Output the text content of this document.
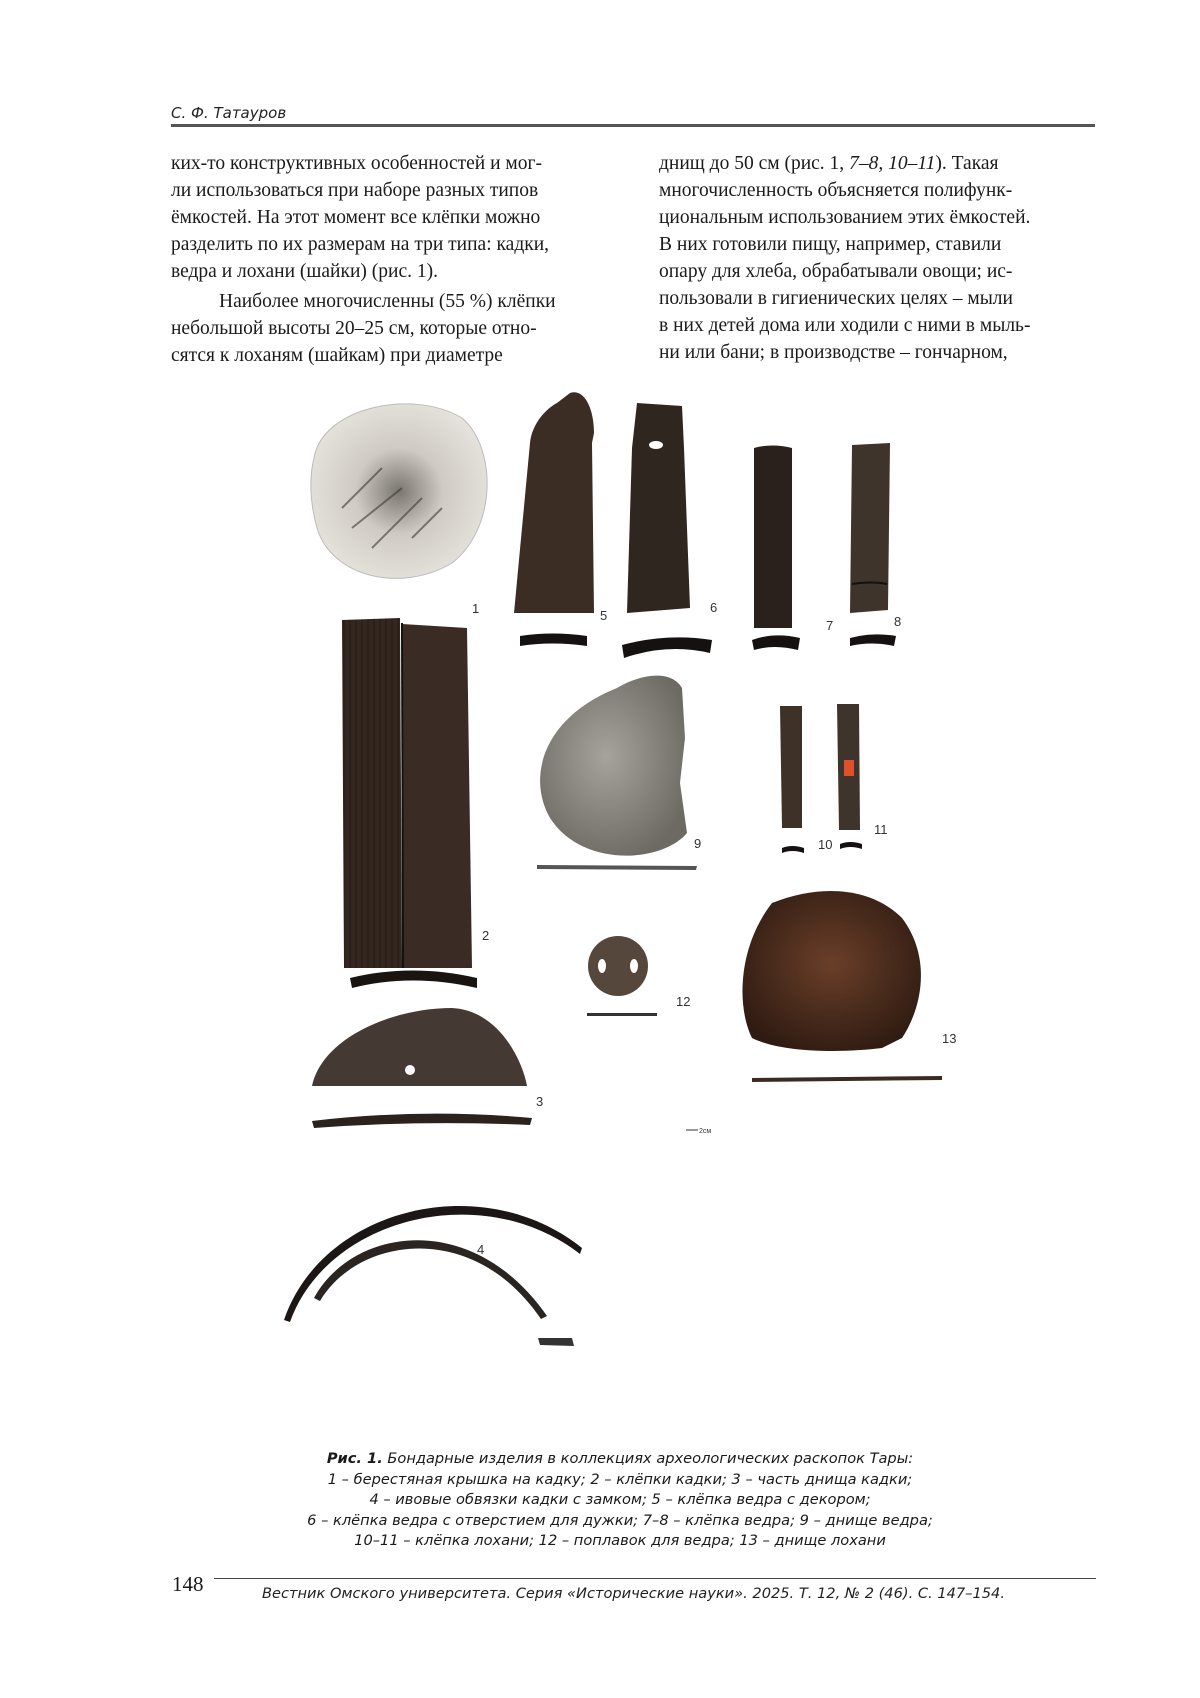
С. Ф. Татауров

ких-то конструктивных особенностей и мог-
ли использоваться при наборе разных типов
ёмкостей. На этот момент все клёпки можно
разделить по их размерам на три типа: кадки,
ведра и лохани (шайки) (рис. 1).

Наиболее многочисленны (55 %) клёпки
небольшой высоты 20–25 см, которые отно-
сятся к лоханям (шайкам) при диаметре

днищ до 50 см (рис. 1, 7–8, 10–11). Такая
многочисленность объясняется полифунк-
циональным использованием этих ёмкостей.
В них готовили пищу, например, ставили
опару для хлеба, обрабатывали овощи; ис-
пользовали в гигиенических целях – мыли
в них детей дома или ходили с ними в мыль-
ни или бани; в производстве – гончарном,

1
2
3
4
5
6
7	8
9	10
11
12
13
2см
Рис. 1. Бондарные изделия в коллекциях археологических раскопок Тары:
1 – берестяная крышка на кадку; 2 – клёпки кадки; 3 – часть днища кадки;
4 – ивовые обвязки кадки с замком; 5 – клёпка ведра с декором;
6 – клёпка ведра с отверстием для дужки; 7–8 – клёпка ведра; 9 – днище ведра;
10–11 – клёпка лохани; 12 – поплавок для ведра; 13 – днище лохани
148	Вестник Омского университета. Серия «Исторические науки». 2025. Т. 12, № 2 (46). С. 147–154.
